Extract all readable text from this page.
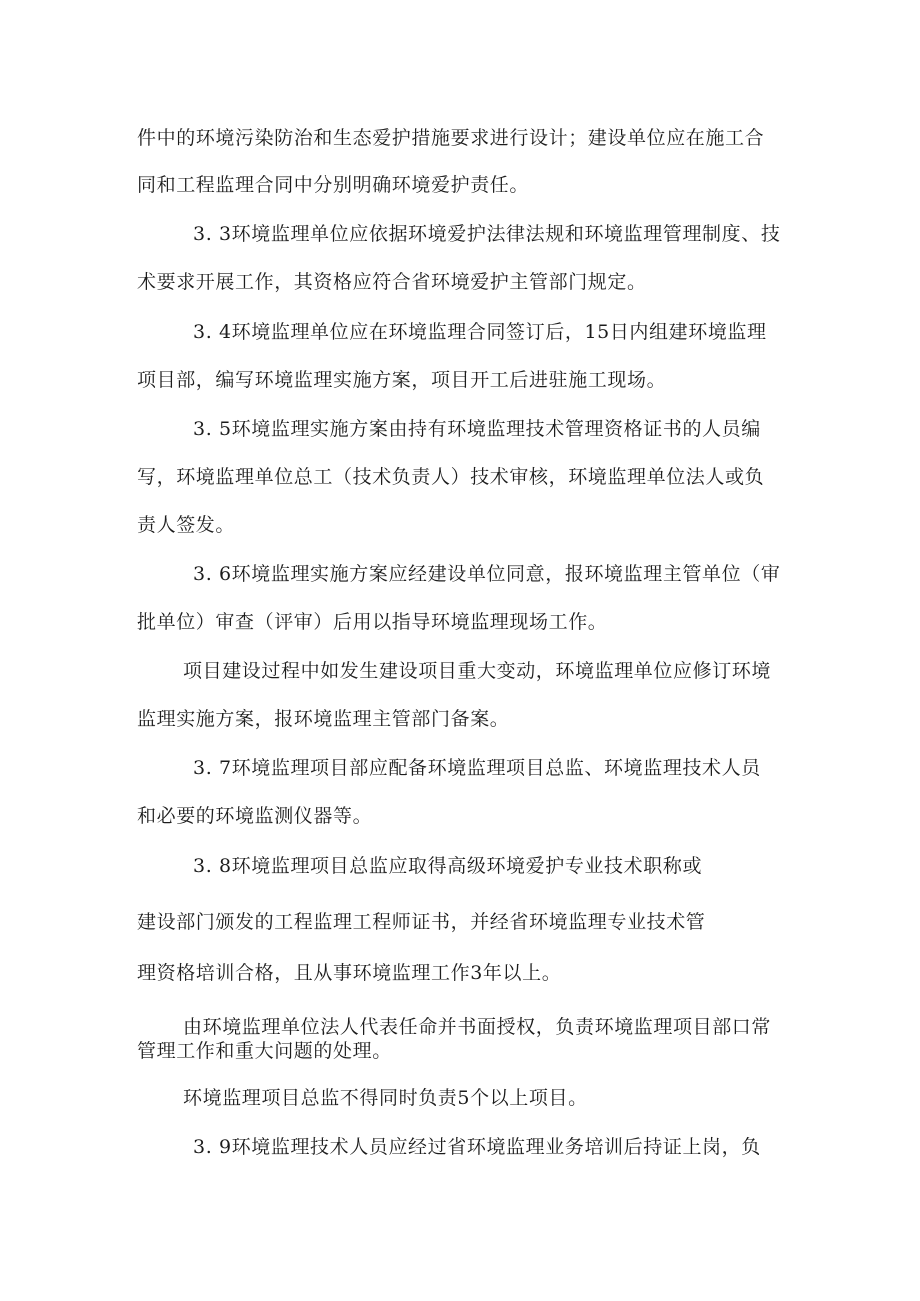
件中的环境污染防治和生态爱护措施要求进行设计；建设单位应在施工合
同和工程监理合同中分别明确环境爱护责任。
3. 3环境监理单位应依据环境爱护法律法规和环境监理管理制度、技
术要求开展工作，其资格应符合省环境爱护主管部门规定。
3. 4环境监理单位应在环境监理合同签订后，15日内组建环境监理
项目部，编写环境监理实施方案，项目开工后进驻施工现场。
3. 5环境监理实施方案由持有环境监理技术管理资格证书的人员编
写，环境监理单位总工（技术负责人）技术审核，环境监理单位法人或负
责人签发。
3. 6环境监理实施方案应经建设单位同意，报环境监理主管单位（审
批单位）审查（评审）后用以指导环境监理现场工作。
项目建设过程中如发生建设项目重大变动，环境监理单位应修订环境
监理实施方案，报环境监理主管部门备案。
3. 7环境监理项目部应配备环境监理项目总监、环境监理技术人员
和必要的环境监测仪器等。
3. 8环境监理项目总监应取得高级环境爱护专业技术职称或
建设部门颁发的工程监理工程师证书，并经省环境监理专业技术管
理资格培训合格，且从事环境监理工作3年以上。
由环境监理单位法人代表任命并书面授权，负责环境监理项目部口常
管理工作和重大问题的处理。
环境监理项目总监不得同时负责5个以上项目。
3. 9环境监理技术人员应经过省环境监理业务培训后持证上岗，负
